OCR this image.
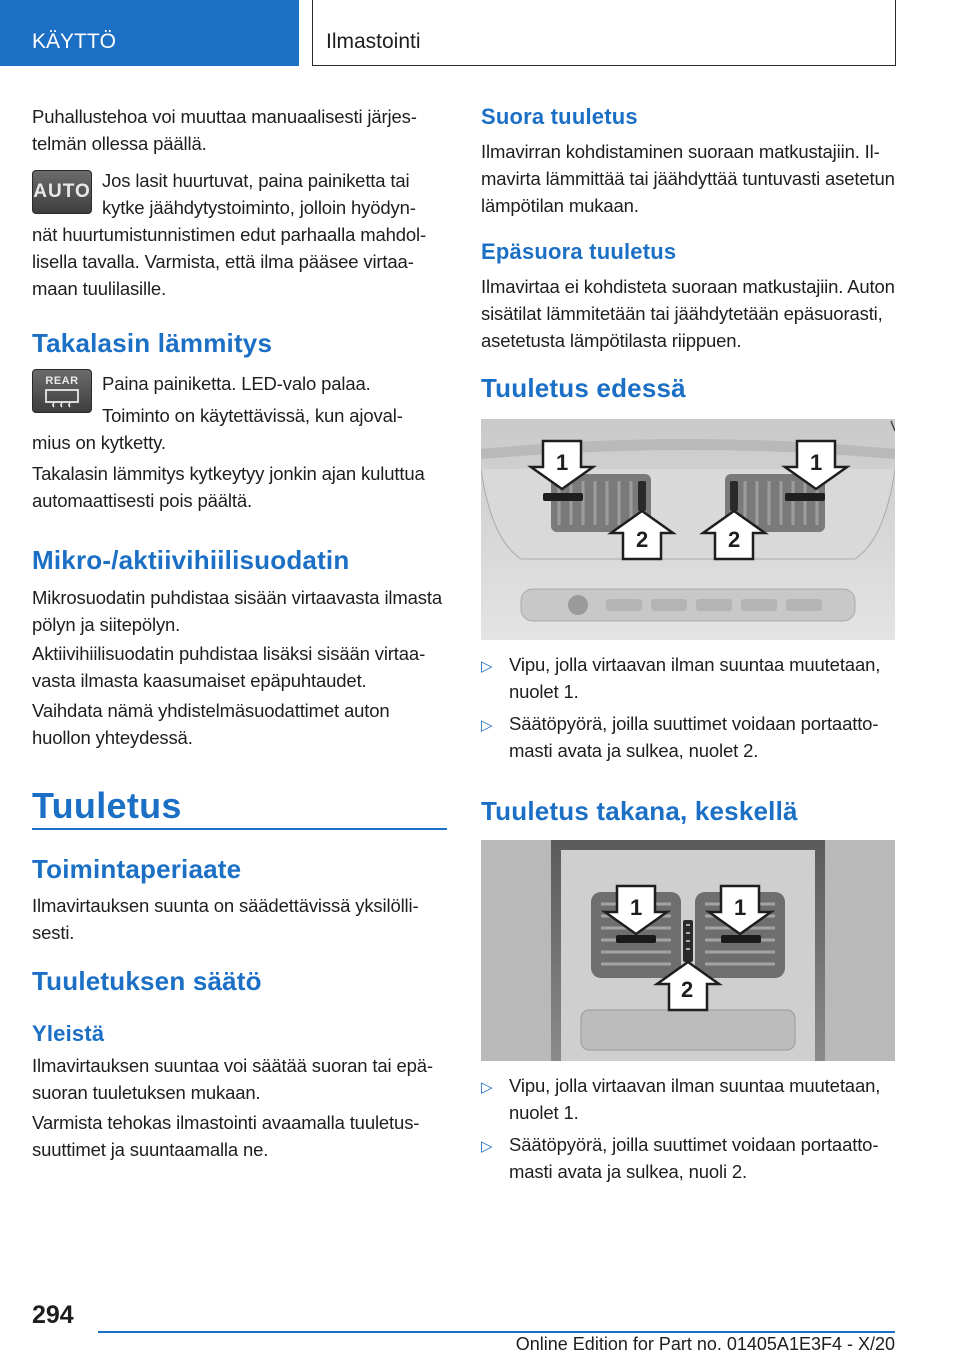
KÄYTTÖ	Ilmastointi
Puhallustehoa voi muuttaa manuaalisesti järjestelmän ollessa päällä.
AUTO
Jos lasit huurtuvat, paina painiketta tai
kytke jäähdytystoiminto, jolloin hyödyn-

nät huurtumistunnistimen edut parhaalla mahdol-
lisella tavalla. Varmista, että ilma pääsee virtaa-
maan tuulilasille.
Takalasin lämmitys
REAR	Paina painiketta. LED-valo palaa.
Toiminto on käytettävissä, kun ajoval-
mius on kytketty.
Takalasin lämmitys kytkeytyy jonkin ajan kuluttua automaattisesti pois päältä.
Mikro-/aktiivihiilisuodatin
Mikrosuodatin puhdistaa sisään virtaavasta ilmasta pölyn ja siitepölyn.
Aktiivihiilisuodatin puhdistaa lisäksi sisään virtaavasta ilmasta kaasumaiset epäpuhtaudet.
Vaihdata nämä yhdistelmäsuodattimet auton huollon yhteydessä.
Tuuletus
Toimintaperiaate
Ilmavirtauksen suunta on säädettävissä yksilöllisesti.
Tuuletuksen säätö
Yleistä
Ilmavirtauksen suuntaa voi säätää suoran tai epäsuoran tuuletuksen mukaan.
Varmista tehokas ilmastointi avaamalla tuuletussuuttimet ja suuntaamalla ne.
Suora tuuletus
Ilmavirran kohdistaminen suoraan matkustajiin. Ilmavirta lämmittää tai jäähdyttää tuntuvasti asetetun lämpötilan mukaan.
Epäsuora tuuletus
Ilmavirtaa ei kohdisteta suoraan matkustajiin. Auton sisätilat lämmitetään tai jäähdytetään epäsuorasti, asetetusta lämpötilasta riippuen.
Tuuletus edessä
1	1
2	2
▷ Vipu, jolla virtaavan ilman suuntaa muutetaan, nuolet 1.
▷ Säätöpyörä, joilla suuttimet voidaan portaattomasti avata ja sulkea, nuolet 2.
Tuuletus takana, keskellä
1	1
2
▷ Vipu, jolla virtaavan ilman suuntaa muutetaan, nuolet 1.
▷ Säätöpyörä, joilla suuttimet voidaan portaattomasti avata ja sulkea, nuoli 2.
294
Online Edition for Part no. 01405A1E3F4 - X/20
